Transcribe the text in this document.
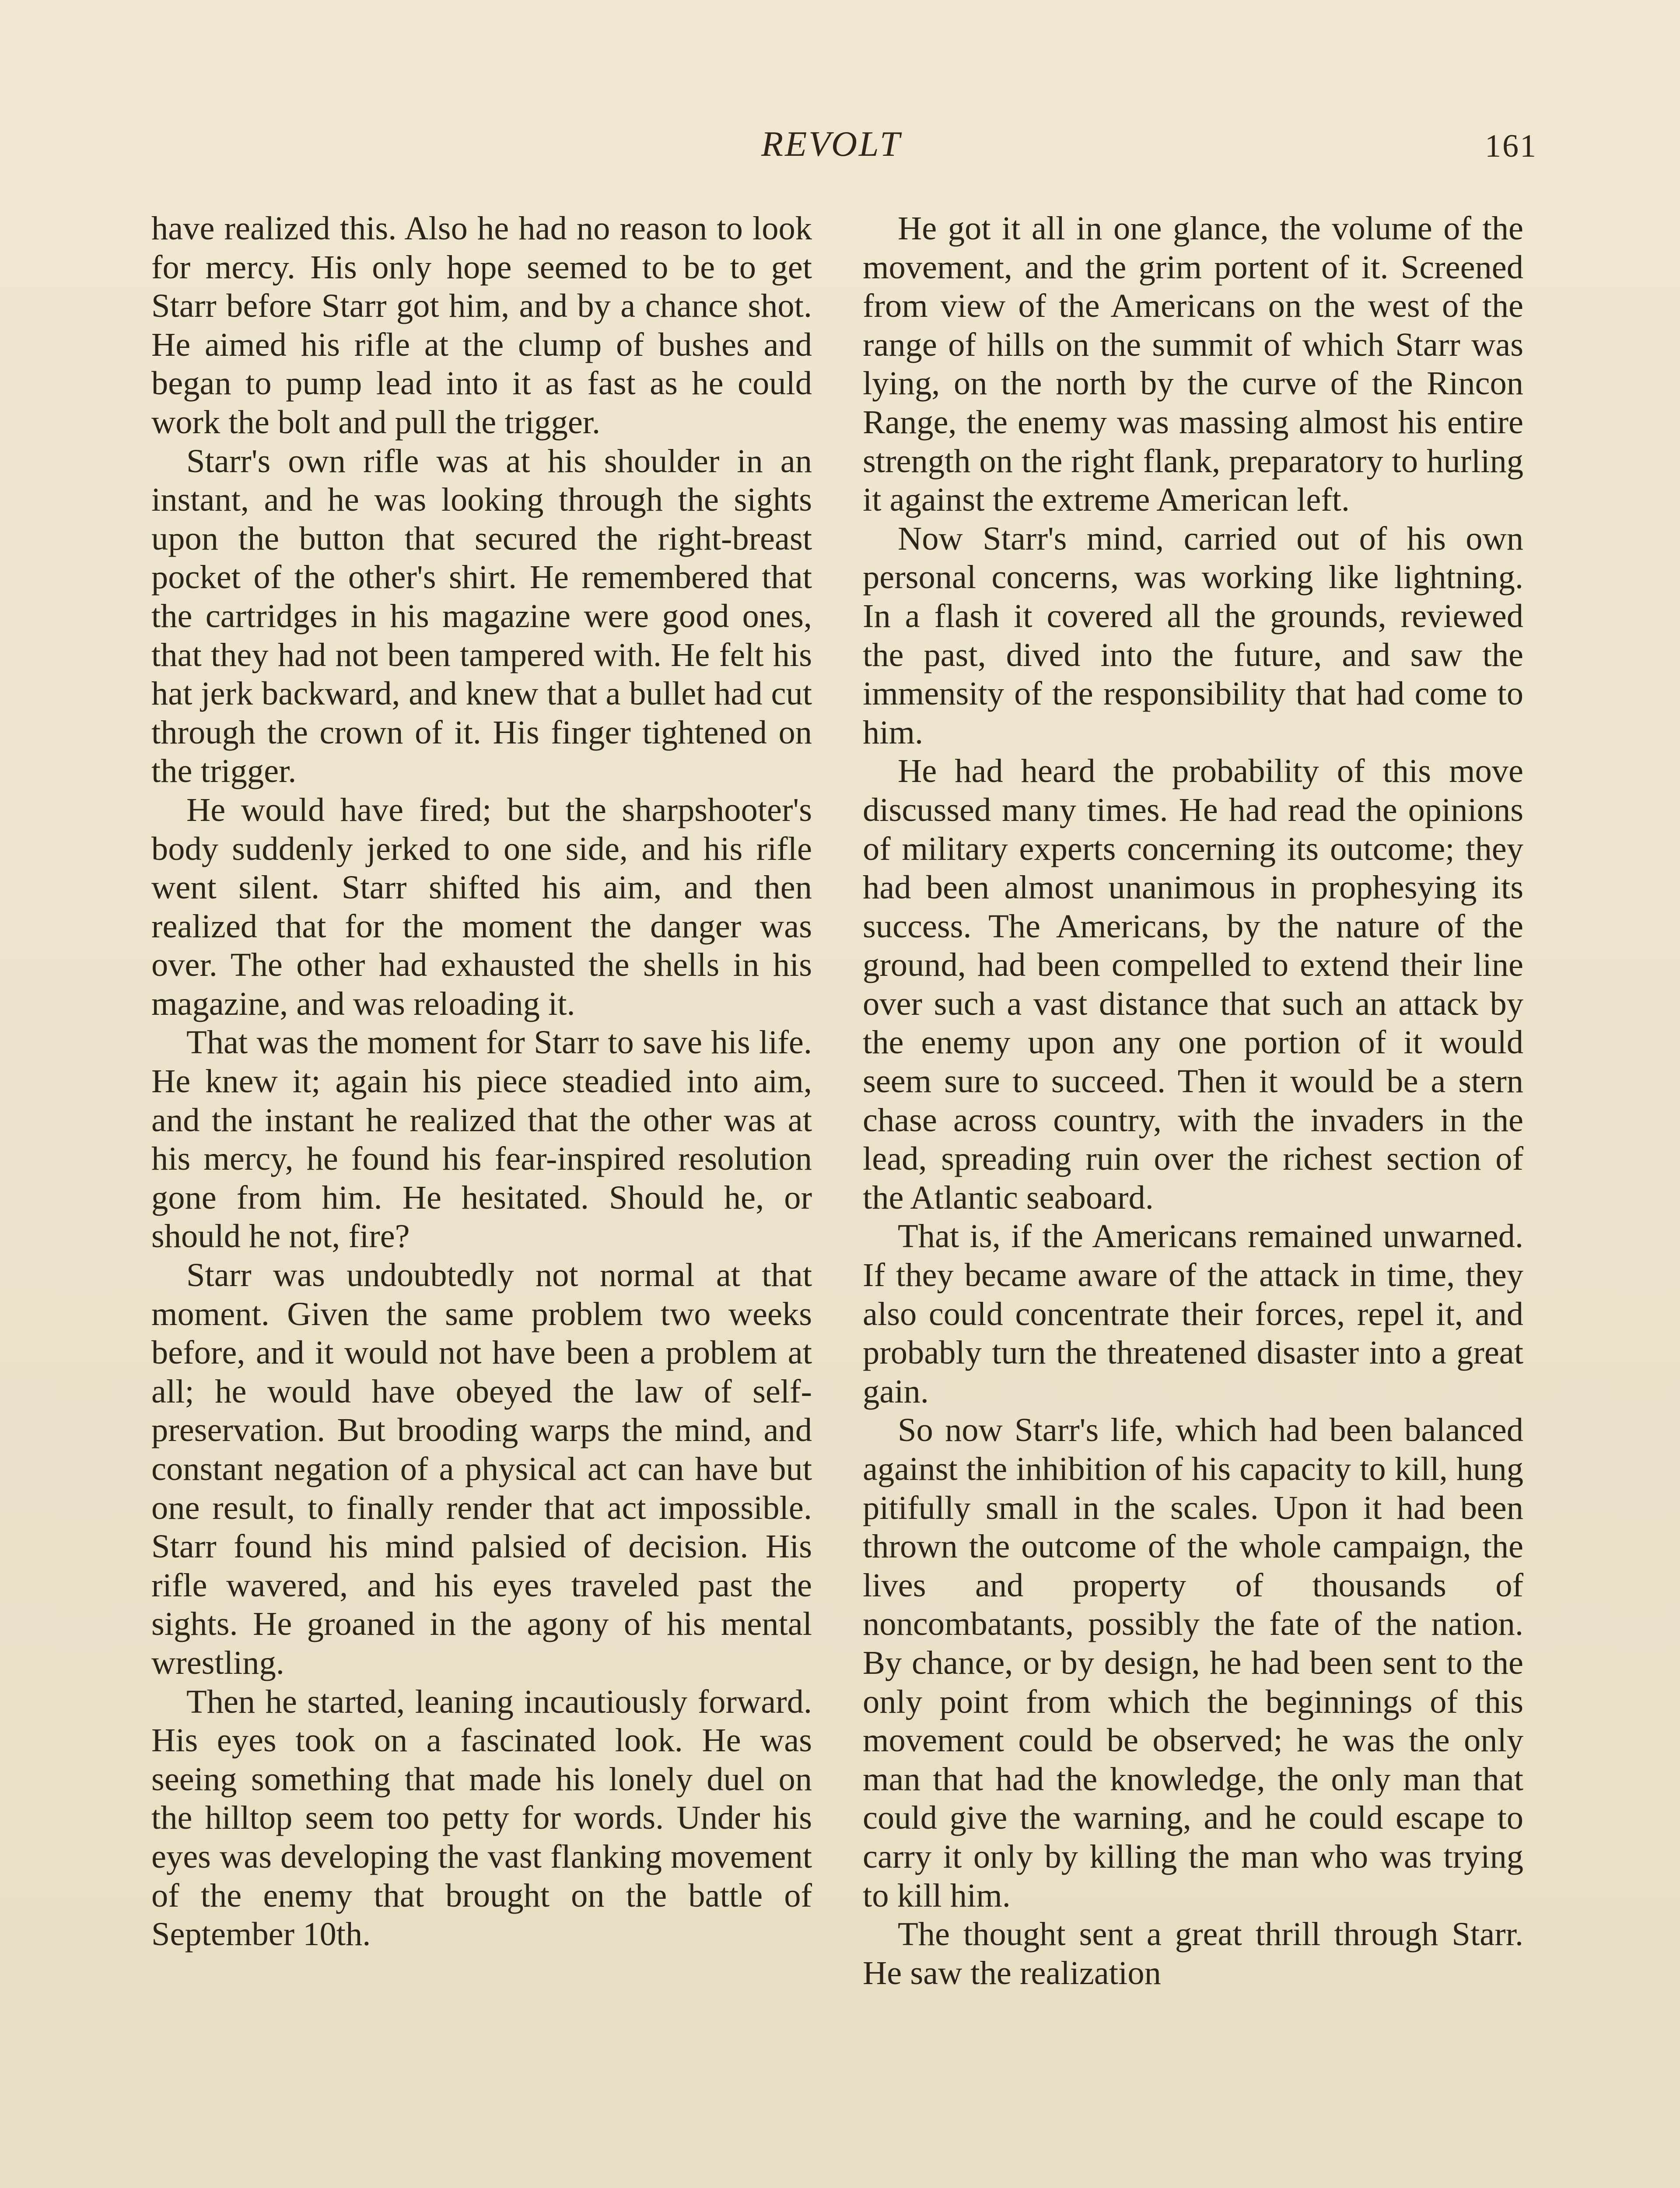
REVOLT	161

have realized this. Also he had no reason to look for mercy. His only hope seemed to be to get Starr before Starr got him, and by a chance shot. He aimed his rifle at the clump of bushes and began to pump lead into it as fast as he could work the bolt and pull the trigger.

Starr's own rifle was at his shoulder in an instant, and he was looking through the sights upon the button that secured the right-breast pocket of the other's shirt. He remembered that the cartridges in his magazine were good ones, that they had not been tampered with. He felt his hat jerk backward, and knew that a bullet had cut through the crown of it. His finger tightened on the trigger.

He would have fired; but the sharpshooter's body suddenly jerked to one side, and his rifle went silent. Starr shifted his aim, and then realized that for the moment the danger was over. The other had exhausted the shells in his magazine, and was reloading it.

That was the moment for Starr to save his life. He knew it; again his piece steadied into aim, and the instant he realized that the other was at his mercy, he found his fear-inspired resolution gone from him. He hesitated. Should he, or should he not, fire?

Starr was undoubtedly not normal at that moment. Given the same problem two weeks before, and it would not have been a problem at all; he would have obeyed the law of self-preservation. But brooding warps the mind, and constant negation of a physical act can have but one result, to finally render that act impossible. Starr found his mind palsied of decision. His rifle wavered, and his eyes traveled past the sights. He groaned in the agony of his mental wrestling.

Then he started, leaning incautiously forward. His eyes took on a fascinated look. He was seeing something that made his lonely duel on the hilltop seem too petty for words. Under his eyes was developing the vast flanking movement of the enemy that brought on the battle of September 10th.

He got it all in one glance, the volume of the movement, and the grim portent of it. Screened from view of the Americans on the west of the range of hills on the summit of which Starr was lying, on the north by the curve of the Rincon Range, the enemy was massing almost his entire strength on the right flank, preparatory to hurling it against the extreme American left.

Now Starr's mind, carried out of his own personal concerns, was working like lightning. In a flash it covered all the grounds, reviewed the past, dived into the future, and saw the immensity of the responsibility that had come to him.

He had heard the probability of this move discussed many times. He had read the opinions of military experts concerning its outcome; they had been almost unanimous in prophesying its success. The Americans, by the nature of the ground, had been compelled to extend their line over such a vast distance that such an attack by the enemy upon any one portion of it would seem sure to succeed. Then it would be a stern chase across country, with the invaders in the lead, spreading ruin over the richest section of the Atlantic seaboard.

That is, if the Americans remained unwarned. If they became aware of the attack in time, they also could concentrate their forces, repel it, and probably turn the threatened disaster into a great gain.

So now Starr's life, which had been balanced against the inhibition of his capacity to kill, hung pitifully small in the scales. Upon it had been thrown the outcome of the whole campaign, the lives and property of thousands of noncombatants, possibly the fate of the nation. By chance, or by design, he had been sent to the only point from which the beginnings of this movement could be observed; he was the only man that had the knowledge, the only man that could give the warning, and he could escape to carry it only by killing the man who was trying to kill him.

The thought sent a great thrill through Starr. He saw the realization
